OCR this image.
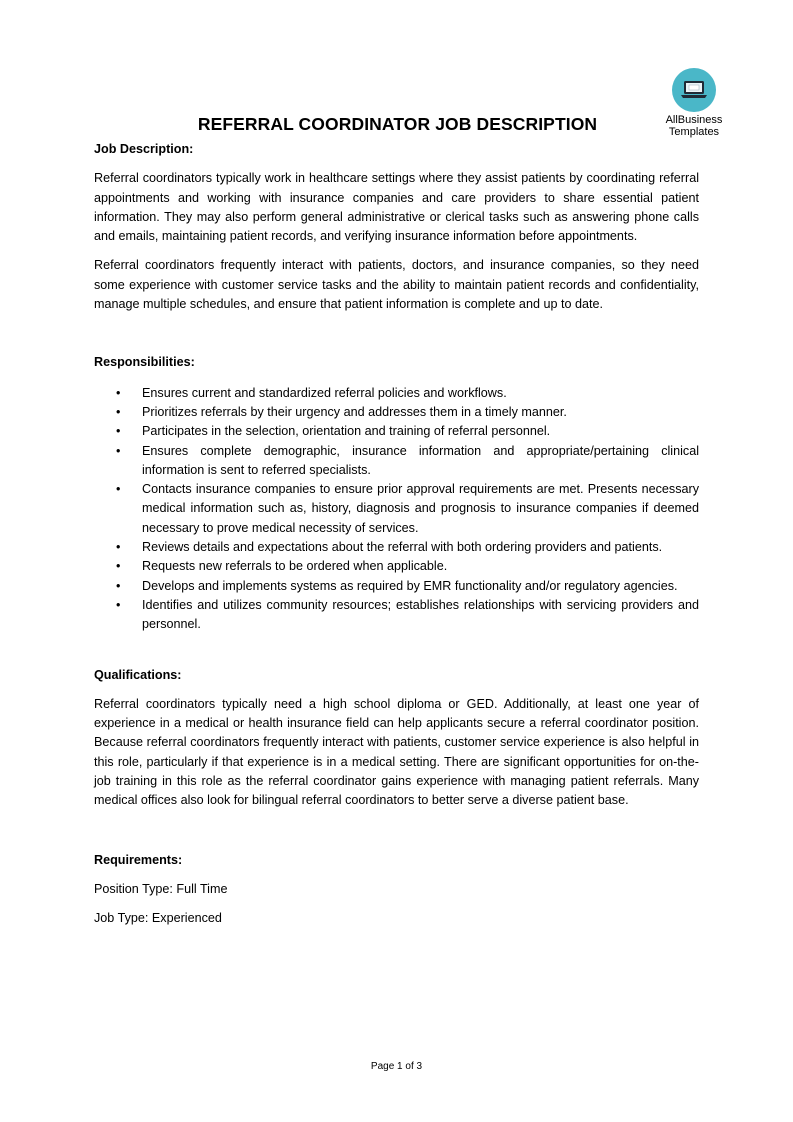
AllBusiness
Templates
REFERRAL COORDINATOR JOB DESCRIPTION

Job Description:

Referral coordinators typically work in healthcare settings where they assist patients by coordinating referral appointments and working with insurance companies and care providers to share essential patient information. They may also perform general administrative or clerical tasks such as answering phone calls and emails, maintaining patient records, and verifying insurance information before appointments.

Referral coordinators frequently interact with patients, doctors, and insurance companies, so they need some experience with customer service tasks and the ability to maintain patient records and confidentiality, manage multiple schedules, and ensure that patient information is complete and up to date.

Responsibilities:

• Ensures current and standardized referral policies and workflows.
• Prioritizes referrals by their urgency and addresses them in a timely manner.
• Participates in the selection, orientation and training of referral personnel.
• Ensures complete demographic, insurance information and appropriate/pertaining clinical information is sent to referred specialists.
• Contacts insurance companies to ensure prior approval requirements are met. Presents necessary medical information such as, history, diagnosis and prognosis to insurance companies if deemed necessary to prove medical necessity of services.
• Reviews details and expectations about the referral with both ordering providers and patients.
• Requests new referrals to be ordered when applicable.
• Develops and implements systems as required by EMR functionality and/or regulatory agencies.
• Identifies and utilizes community resources; establishes relationships with servicing providers and personnel.

Qualifications:

Referral coordinators typically need a high school diploma or GED. Additionally, at least one year of experience in a medical or health insurance field can help applicants secure a referral coordinator position. Because referral coordinators frequently interact with patients, customer service experience is also helpful in this role, particularly if that experience is in a medical setting. There are significant opportunities for on-the-job training in this role as the referral coordinator gains experience with managing patient referrals. Many medical offices also look for bilingual referral coordinators to better serve a diverse patient base.

Requirements:

Position Type: Full Time

Job Type: Experienced

Page 1 of 3
